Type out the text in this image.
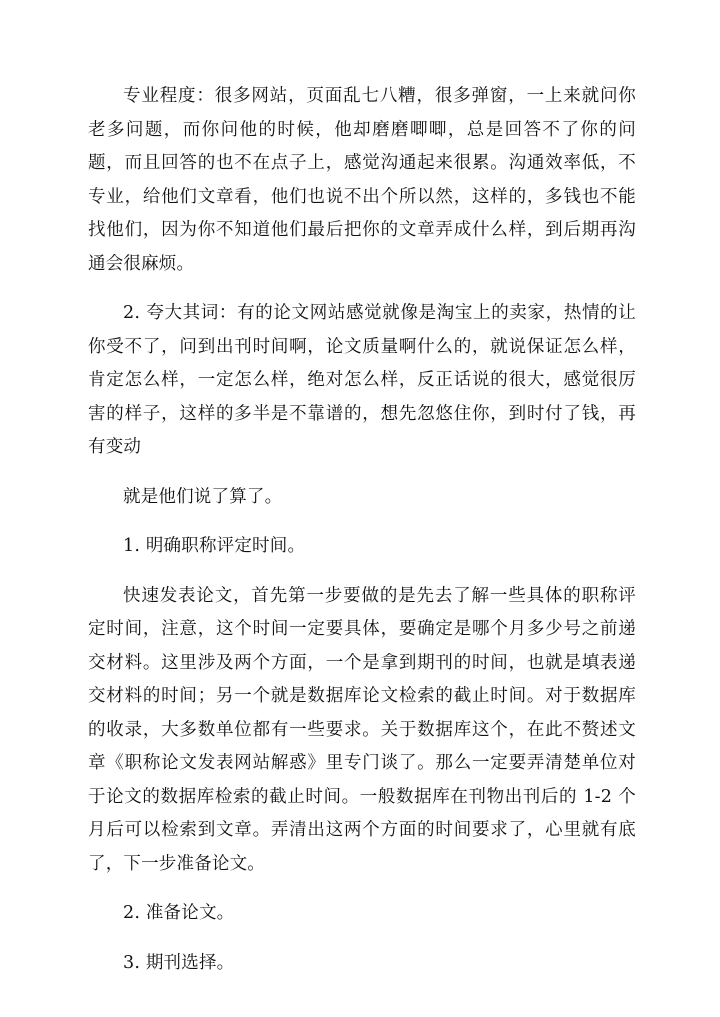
专业程度：很多网站，页面乱七八糟，很多弹窗，一上来就问你老多问题，而你问他的时候，他却磨磨唧唧，总是回答不了你的问题，而且回答的也不在点子上，感觉沟通起来很累。沟通效率低，不专业，给他们文章看，他们也说不出个所以然，这样的，多钱也不能找他们，因为你不知道他们最后把你的文章弄成什么样，到后期再沟通会很麻烦。

2. 夸大其词：有的论文网站感觉就像是淘宝上的卖家，热情的让你受不了，问到出刊时间啊，论文质量啊什么的，就说保证怎么样，肯定怎么样，一定怎么样，绝对怎么样，反正话说的很大，感觉很厉害的样子，这样的多半是不靠谱的，想先忽悠住你，到时付了钱，再有变动

就是他们说了算了。

1. 明确职称评定时间。

快速发表论文，首先第一步要做的是先去了解一些具体的职称评定时间，注意，这个时间一定要具体，要确定是哪个月多少号之前递交材料。这里涉及两个方面，一个是拿到期刊的时间，也就是填表递交材料的时间；另一个就是数据库论文检索的截止时间。对于数据库的收录，大多数单位都有一些要求。关于数据库这个，在此不赘述文章《职称论文发表网站解惑》里专门谈了。那么一定要弄清楚单位对于论文的数据库检索的截止时间。一般数据库在刊物出刊后的 1-2 个月后可以检索到文章。弄清出这两个方面的时间要求了，心里就有底了，下一步准备论文。

2. 准备论文。

3. 期刊选择。
